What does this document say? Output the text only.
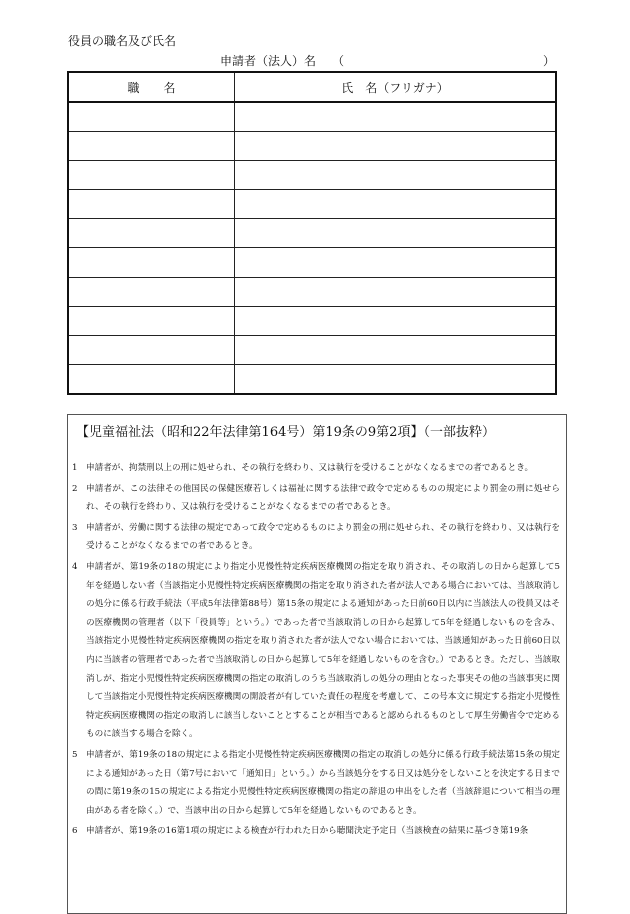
役員の職名及び氏名
申請者（法人）名 （	）
職　　名	氏　名（フリガナ）

【児童福祉法（昭和22年法律第164号）第19条の9第2項】（一部抜粋）
1 申請者が、拘禁刑以上の刑に処せられ、その執行を終わり、又は執行を受けることがなくなるまでの者であるとき。
2 申請者が、この法律その他国民の保健医療若しくは福祉に関する法律で政令で定めるものの規定により罰金の刑に処せられ、その執行を終わり、又は執行を受けることがなくなるまでの者であるとき。
3 申請者が、労働に関する法律の規定であって政令で定めるものにより罰金の刑に処せられ、その執行を終わり、又は執行を受けることがなくなるまでの者であるとき。
4 申請者が、第19条の18の規定により指定小児慢性特定疾病医療機関の指定を取り消され、その取消しの日から起算して5年を経過しない者（当該指定小児慢性特定疾病医療機関の指定を取り消された者が法人である場合においては、当該取消しの処分に係る行政手続法（平成5年法律第88号）第15条の規定による通知があった日前60日以内に当該法人の役員又はその医療機関の管理者（以下「役員等」という。）であった者で当該取消しの日から起算して5年を経過しないものを含み、当該指定小児慢性特定疾病医療機関の指定を取り消された者が法人でない場合においては、当該通知があった日前60日以内に当該者の管理者であった者で当該取消しの日から起算して5年を経過しないものを含む。）であるとき。ただし、当該取消しが、指定小児慢性特定疾病医療機関の指定の取消しのうち当該取消しの処分の理由となった事実その他の当該事実に関して当該指定小児慢性特定疾病医療機関の開設者が有していた責任の程度を考慮して、この号本文に規定する指定小児慢性特定疾病医療機関の指定の取消しに該当しないこととすることが相当であると認められるものとして厚生労働省令で定めるものに該当する場合を除く。
5 申請者が、第19条の18の規定による指定小児慢性特定疾病医療機関の指定の取消しの処分に係る行政手続法第15条の規定による通知があった日（第7号において「通知日」という。）から当該処分をする日又は処分をしないことを決定する日までの間に第19条の15の規定による指定小児慢性特定疾病医療機関の指定の辞退の申出をした者（当該辞退について相当の理由がある者を除く。）で、当該申出の日から起算して5年を経過しないものであるとき。
6 申請者が、第19条の16第1項の規定による検査が行われた日から聴聞決定予定日（当該検査の結果に基づき第19条
